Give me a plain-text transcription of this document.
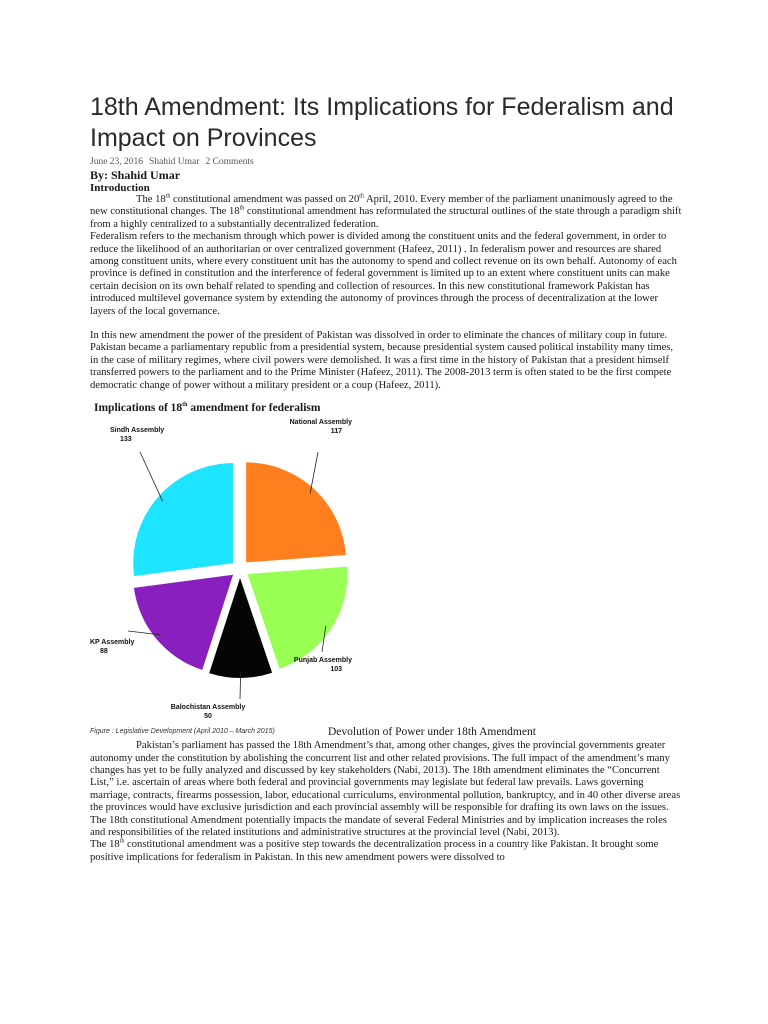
18th Amendment: Its Implications for Federalism and Impact on Provinces
June 23, 2016 Shahid Umar 2 Comments
By: Shahid Umar
Introduction

The 18th constitutional amendment was passed on 20th April, 2010. Every member of the parliament unanimously agreed to the new constitutional changes. The 18th constitutional amendment has reformulated the structural outlines of the state through a paradigm shift from a highly centralized to a substantially decentralized federation.

Federalism refers to the mechanism through which power is divided among the constituent units and the federal government, in order to reduce the likelihood of an authoritarian or over centralized government (Hafeez, 2011) . In federalism power and resources are shared among constituent units, where every constituent unit has the autonomy to spend and collect revenue on its own behalf. Autonomy of each province is defined in constitution and the interference of federal government is limited up to an extent where constituent units can make certain decision on its own behalf related to spending and collection of resources. In this new constitutional framework Pakistan has introduced multilevel governance system by extending the autonomy of provinces through the process of decentralization at the lower layers of the local governance.

In this new amendment the power of the president of Pakistan was dissolved in order to eliminate the chances of military coup in future. Pakistan became a parliamentary republic from a presidential system, because presidential system caused political instability many times, in the case of military regimes, where civil powers were demolished. It was a first time in the history of Pakistan that a president himself transferred powers to the parliament and to the Prime Minister (Hafeez, 2011). The 2008-2013 term is often stated to be the first compete democratic change of power without a military president or a coup (Hafeez, 2011).

Implications of 18th amendment for federalism
National Assembly
117
Punjab Assembly
103
Balochistan Assembly
50
KP Assembly
88
Sindh Assembly
133
Figure : Legislative Development (April 2010 – March 2015)	Devolution of Power under 18th Amendment

Pakistan’s parliament has passed the 18th Amendment’s that, among other changes, gives the provincial governments greater autonomy under the constitution by abolishing the concurrent list and other related provisions. The full impact of the amendment’s many changes has yet to be fully analyzed and discussed by key stakeholders (Nabi, 2013). The 18th amendment eliminates the “Concurrent List,” i.e. ascertain of areas where both federal and provincial governments may legislate but federal law prevails. Laws governing marriage, contracts, firearms possession, labor, educational curriculums, environmental pollution, bankruptcy, and in 40 other diverse areas the provinces would have exclusive jurisdiction and each provincial assembly will be responsible for drafting its own laws on the issues. The 18th constitutional Amendment potentially impacts the mandate of several Federal Ministries and by implication increases the roles and responsibilities of the related institutions and administrative structures at the provincial level (Nabi, 2013).

The 18th constitutional amendment was a positive step towards the decentralization process in a country like Pakistan. It brought some positive implications for federalism in Pakistan. In this new amendment powers were dissolved to
